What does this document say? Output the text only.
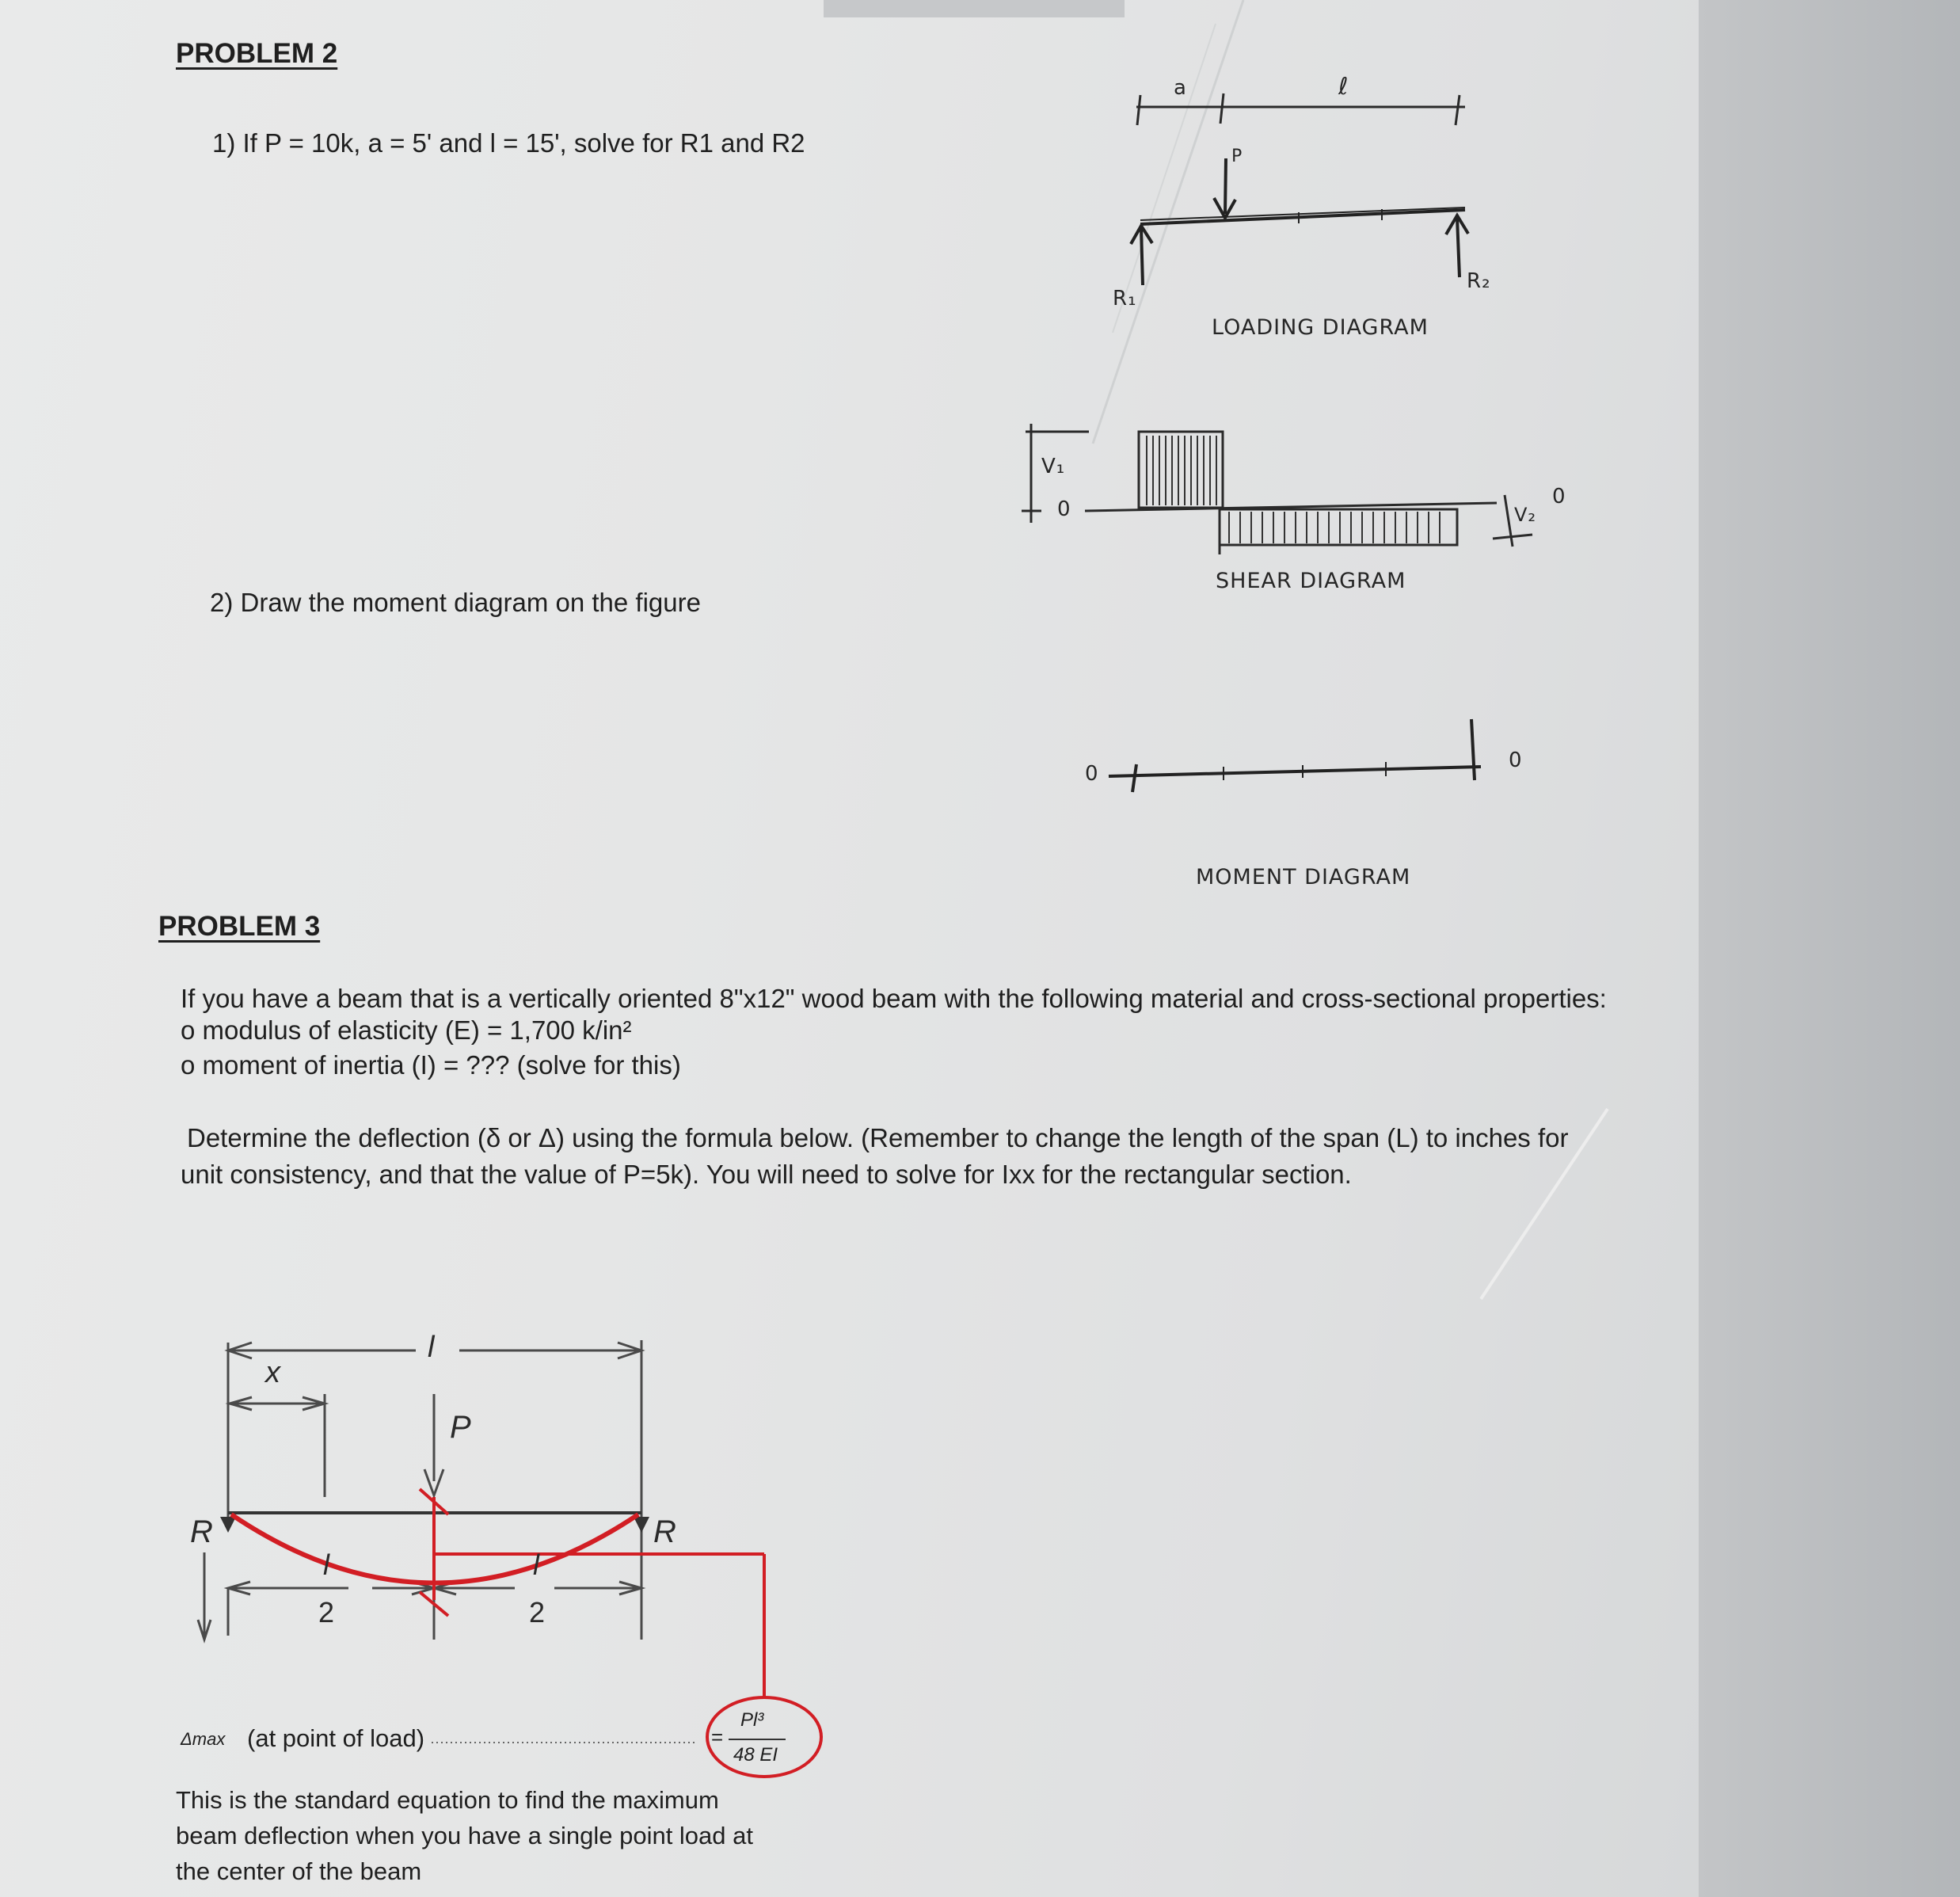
PROBLEM 2
1) If P = 10k, a = 5' and l = 15', solve for R1 and R2
2) Draw the moment diagram on the figure
a	ℓ
P
R₁
R₂
LOADING DIAGRAM
V₁
0
0
V₂
SHEAR DIAGRAM
0
0
MOMENT DIAGRAM
PROBLEM 3
If you have a beam that is a vertically oriented 8"x12" wood beam with the following material and cross-sectional properties:
o modulus of elasticity (E) = 1,700 k/in²
o moment of inertia (I) = ??? (solve for this)
Determine the deflection (δ or Δ) using the formula below. (Remember to change the length of the span (L) to inches for
unit consistency, and that the value of P=5k). You will need to solve for Ixx for the rectangular section.
x
l
P
R	R
l
2
l
2
Δmax (at point of load)	=
Pl³
48 EI
This is the standard equation to find the maximum
beam deflection when you have a single point load at
the center of the beam
